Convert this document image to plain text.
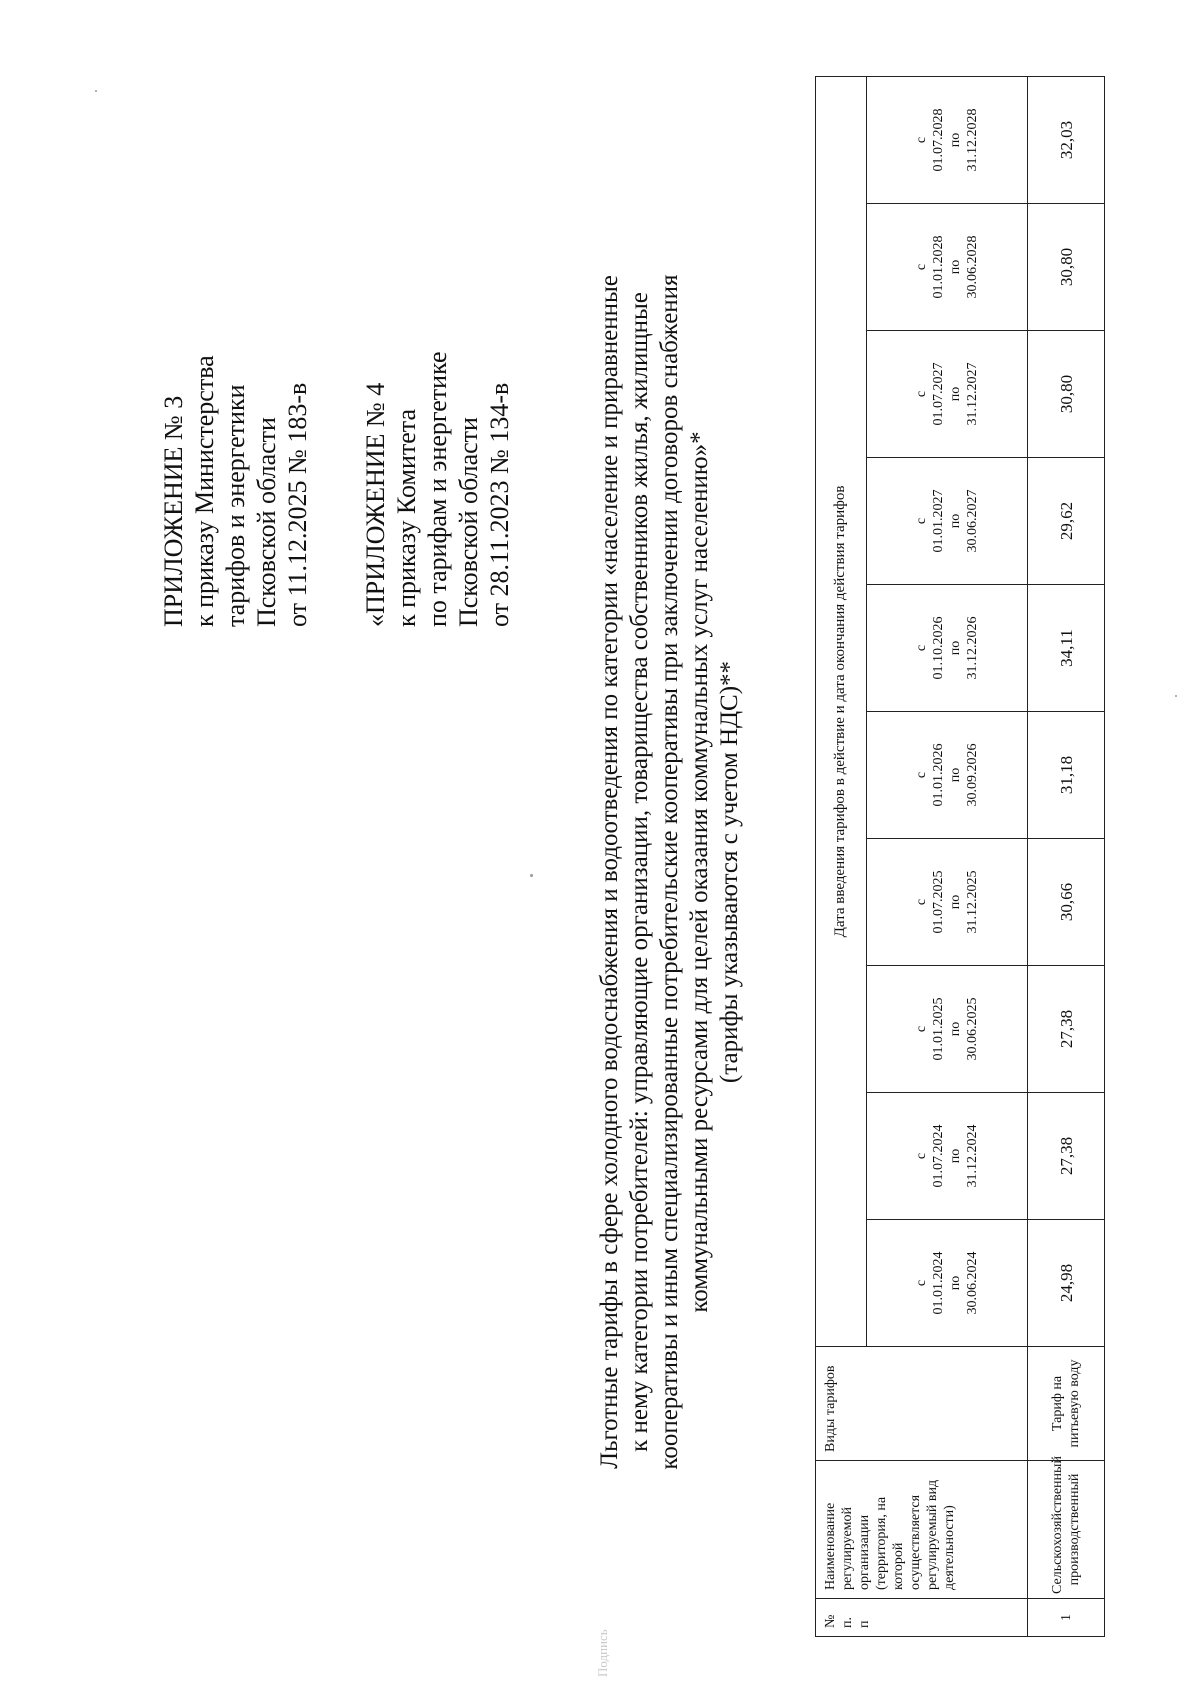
ПРИЛОЖЕНИЕ № 3 к приказу Министерства
тарифов и энергетики Псковской области от 11.12.2025 № 183-в «ПРИЛОЖЕНИЕ № 4 к приказу Комитета
по тарифам и энергетике
Псковской области от 28.11.2023 № 134-в
Подпись
Льготные тарифы в сфере холодного водоснабжения и водоотведения по категории «население и приравненные к нему категории потребителей: управляющие организации, товарищества собственников жилья, жилищные кооперативы и иным специализированные потребительские кооперативы при заключении договоров снабжения коммунальными ресурсами для целей оказания коммунальных услуг населению»* (тарифы указываются с учетом НДС)**
№ п. п	Наименование регулируемой организации (территория, на которой осуществляется регулируемый вид деятельности)	Виды тарифов	Дата введения тарифов в действие и дата окончания действия тарифов									
			с 01.01.2024 по 30.06.2024	с 01.07.2024 по 31.12.2024	с 01.01.2025 по 30.06.2025	с 01.07.2025 по 31.12.2025	с 01.01.2026 по 30.09.2026	с 01.10.2026 по 31.12.2026	с 01.01.2027 по 30.06.2027	с 01.07.2027 по 31.12.2027	с 01.01.2028 по 30.06.2028	с 01.07.2028 по 31.12.2028
1	Сельскохозяйственный производственный	Тариф на питьевую воду	24,98	27,38	27,38	30,66	31,18	34,11	29,62	30,80	30,80	32,03
